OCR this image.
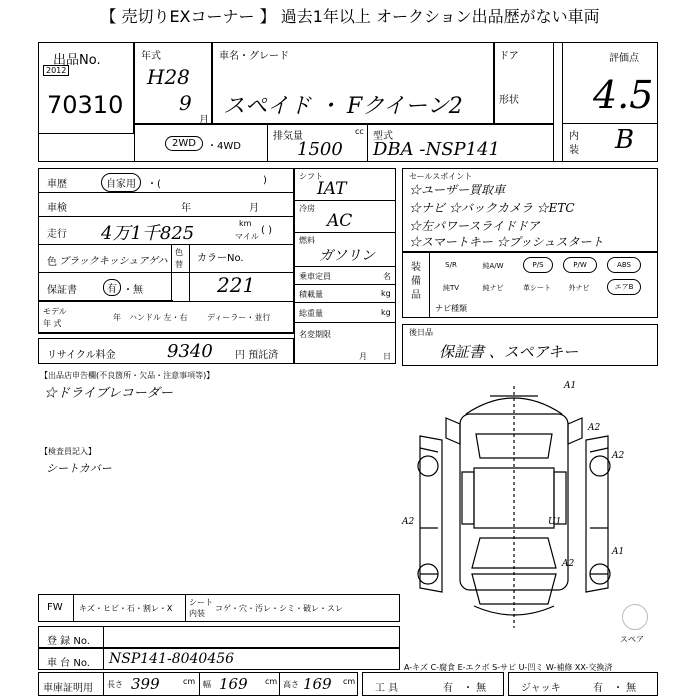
【 売切りEXコーナー 】 過去1年以上 オークション出品歴がない車両
出品No.
2012
70310
年式
H28
9
月
車名・グレード
スペイド ・ Fクイーン2
ドア
形状
評価点
4.5
内
装 B
2WD	・4WD
排気量	cc
1500
型式
DBA -NSP141
車歴	自家用	・(	)
車検	年	月
走行 4万1千825	km
マイル
( )
色 ブラックキッシュアゲハ
色
替
カラーNo.
221
保証書	有 ・無
モデル
年 式
年 ハンドル 左・右 ディーラー・並行
リサイクル料金	9340 円 預託済
シフト
IAT
冷房
AC
燃料
ガソリン
乗車定員	名
積載量	kg
総重量	kg
名変期限
月 日
セールスポイント
☆ユーザー買取車
☆ナビ ☆バックカメラ ☆ETC
☆左パワースライドドア
☆スマートキー ☆プッシュスタート
装備品
S/R	純A/W	P/S	P/W	ABS
純TV	純ナビ	革シート	外ナビ	エアB
ナビ種類
後日品
保証書 、スペアキー
【出品店申告欄(不良箇所・欠品・注意事項等)】
☆ドライブレコーダー
【検査員記入】
シートカバー
A1
A2
A2
A1
U1
A2
A2
スペア
FW キズ・ヒビ・石・割レ・X
シート
内装
コゲ・穴・汚レ・シミ・破レ・スレ
登 録 No.
車 台 No. NSP141-8040456
A-キズ C-腐食 E-エクボ S-サビ U-凹ミ W-補修 XX-交換済
車庫証明用 長さ 399	cm 幅 169 cm 高さ 169 cm
工 具	有 ・ 無	ジャッキ	有 ・ 無
